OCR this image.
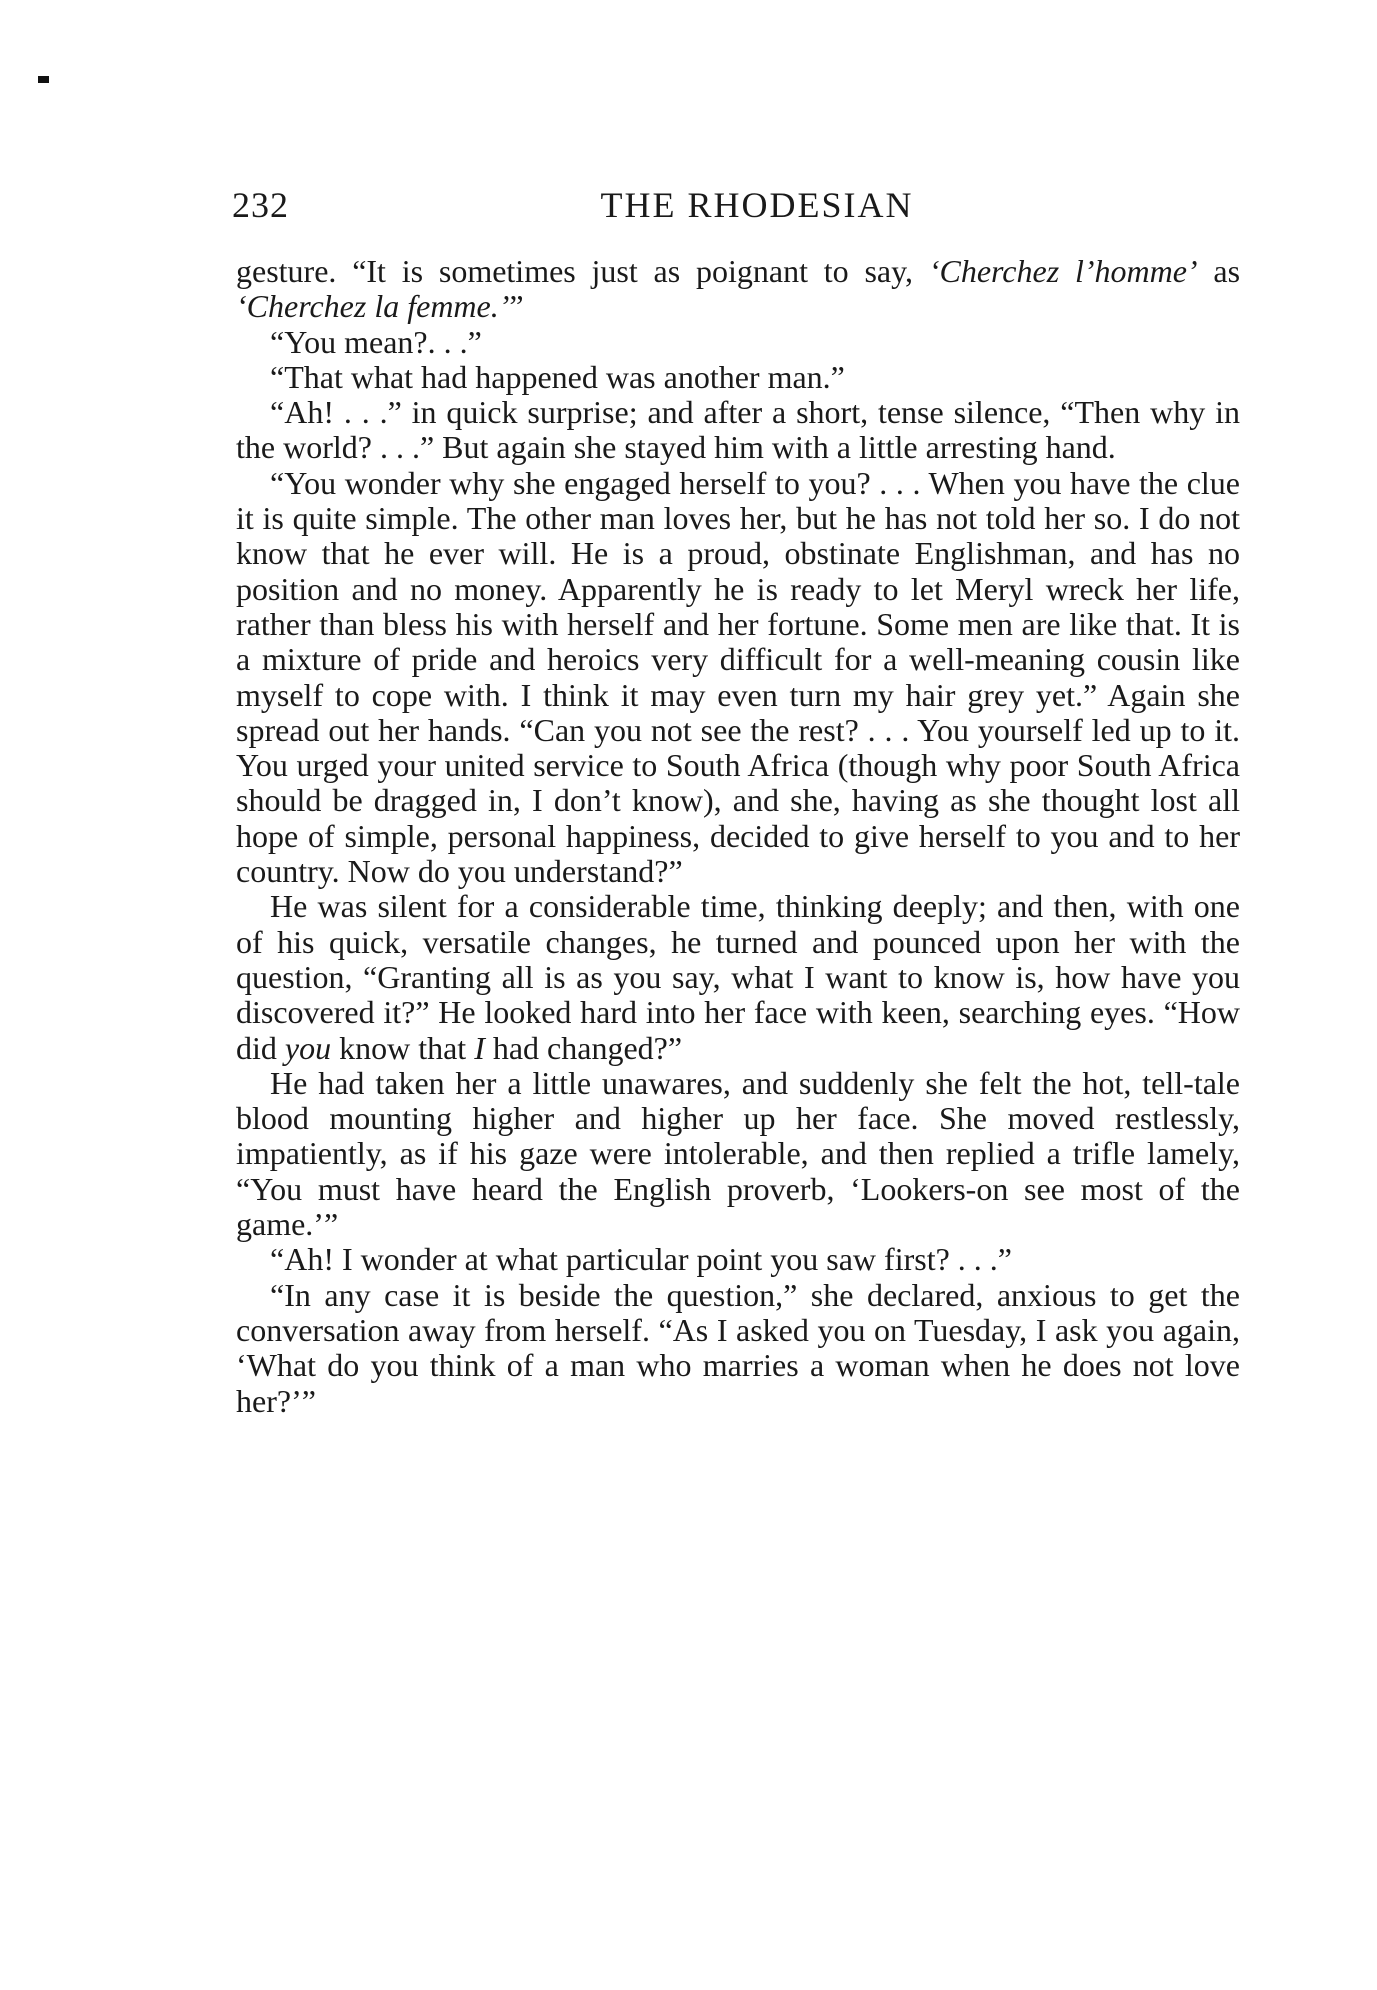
232	THE RHODESIAN

gesture. “It is sometimes just as poignant to say, ‘Cherchez l’homme’ as ‘Cherchez la femme.’”

“You mean?. . .”

“That what had happened was another man.”

“Ah! . . .” in quick surprise; and after a short, tense silence, “Then why in the world? . . .” But again she stayed him with a little arresting hand.

“You wonder why she engaged herself to you? . . . When you have the clue it is quite simple. The other man loves her, but he has not told her so. I do not know that he ever will. He is a proud, obstinate Englishman, and has no position and no money. Apparently he is ready to let Meryl wreck her life, rather than bless his with herself and her fortune. Some men are like that. It is a mixture of pride and heroics very difficult for a well-meaning cousin like myself to cope with. I think it may even turn my hair grey yet.” Again she spread out her hands. “Can you not see the rest? . . . You yourself led up to it. You urged your united service to South Africa (though why poor South Africa should be dragged in, I don’t know), and she, having as she thought lost all hope of simple, personal happiness, decided to give herself to you and to her country. Now do you understand?”

He was silent for a considerable time, thinking deeply; and then, with one of his quick, versatile changes, he turned and pounced upon her with the question, “Granting all is as you say, what I want to know is, how have you discovered it?” He looked hard into her face with keen, searching eyes. “How did you know that I had changed?”

He had taken her a little unawares, and suddenly she felt the hot, tell-tale blood mounting higher and higher up her face. She moved restlessly, impatiently, as if his gaze were intolerable, and then replied a trifle lamely, “You must have heard the English proverb, ‘Lookers-on see most of the game.’”

“Ah! I wonder at what particular point you saw first? . . .”

“In any case it is beside the question,” she declared, anxious to get the conversation away from herself. “As I asked you on Tuesday, I ask you again, ‘What do you think of a man who marries a woman when he does not love her?’”
